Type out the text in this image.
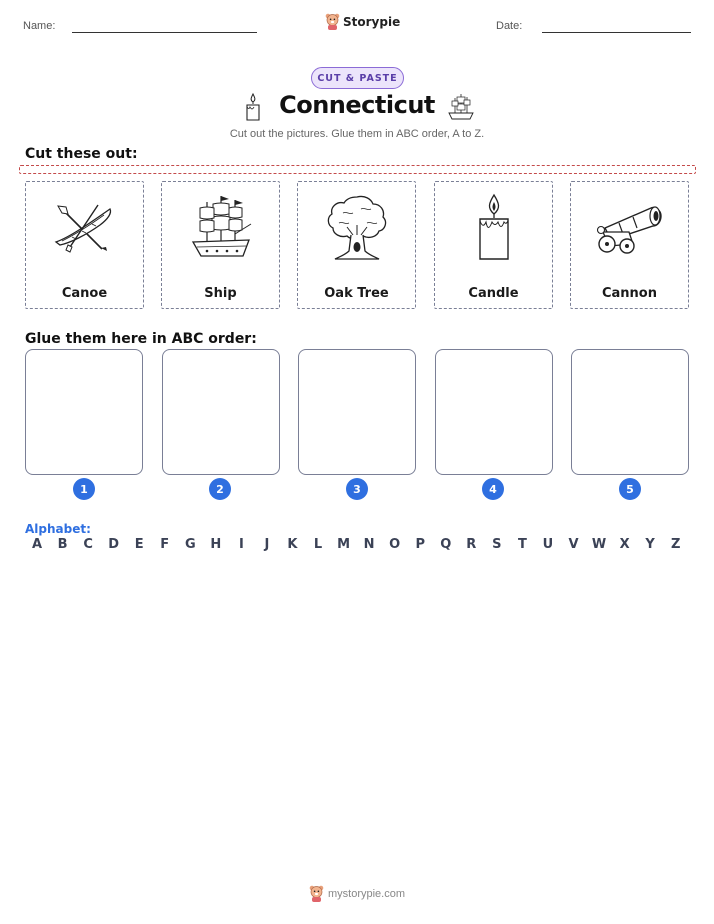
Name:	Storypie	Date:
CUT & PASTE
Connecticut
Cut out the pictures. Glue them in ABC order, A to Z.
Cut these out:
Canoe	Ship	Oak Tree	Candle	Cannon
Glue them here in ABC order:
1	2	3	4	5
Alphabet:
A	B	C	D	E	F	G	H	I	J	K	L	M	N	O	P	Q	R	S	T	U	V	W	X	Y	Z
mystorypie.com
